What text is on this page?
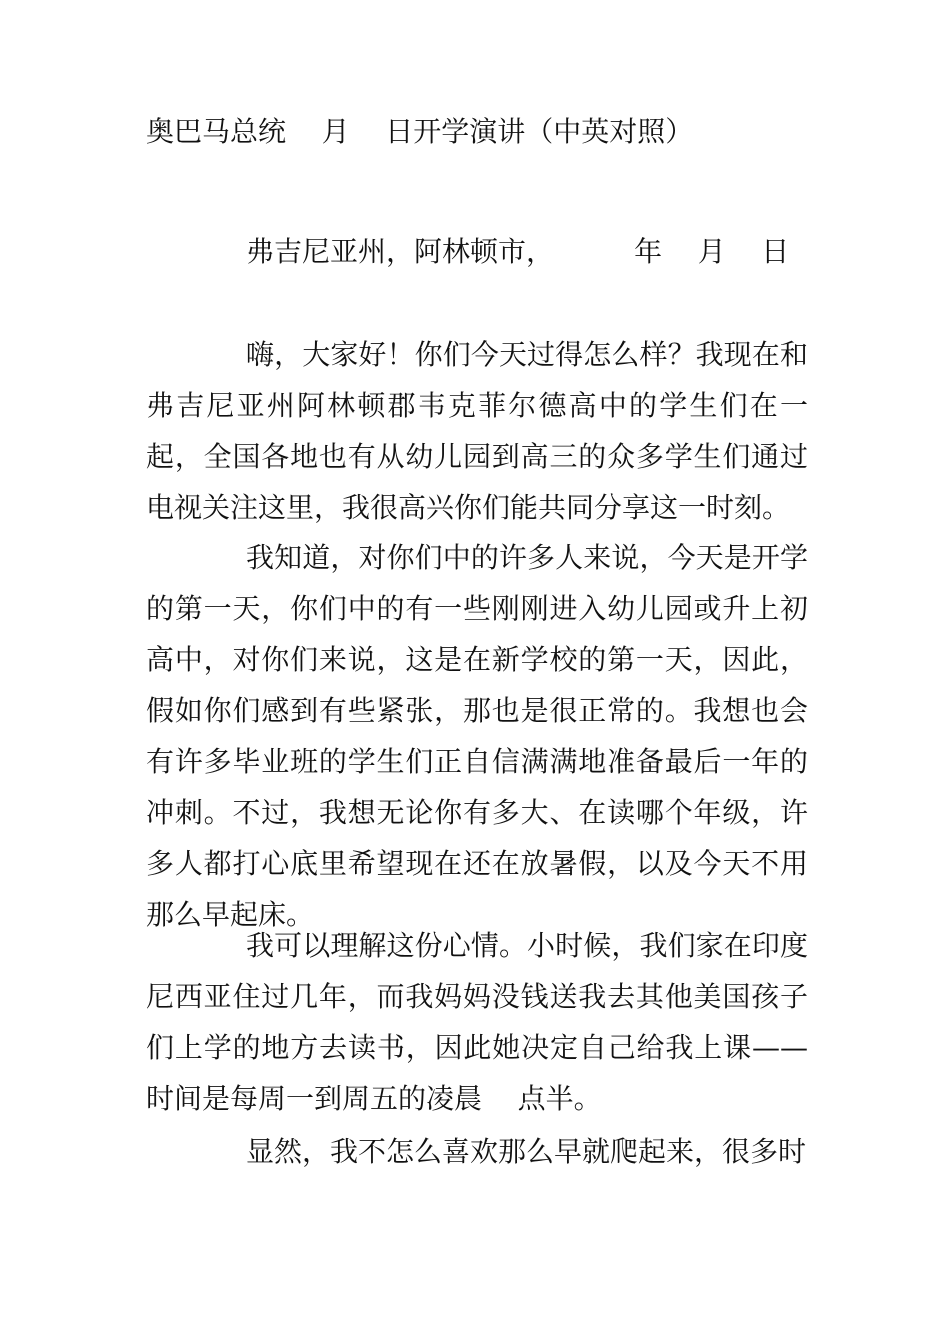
奥巴马总统    月    日开学演讲（中英对照）
弗吉尼亚州，阿林顿市，         年    月    日
嗨，大家好！你们今天过得怎么样？我现在和弗吉尼亚州阿林顿郡韦克菲尔德高中的学生们在一起，全国各地也有从幼儿园到高三的众多学生们通过电视关注这里，我很高兴你们能共同分享这一时刻。
我知道，对你们中的许多人来说，今天是开学的第一天，你们中的有一些刚刚进入幼儿园或升上初高中，对你们来说，这是在新学校的第一天，因此，假如你们感到有些紧张，那也是很正常的。我想也会有许多毕业班的学生们正自信满满地准备最后一年的冲刺。不过，我想无论你有多大、在读哪个年级，许多人都打心底里希望现在还在放暑假，以及今天不用那么早起床。
我可以理解这份心情。小时候，我们家在印度尼西亚住过几年，而我妈妈没钱送我去其他美国孩子们上学的地方去读书，因此她决定自己给我上课——时间是每周一到周五的凌晨    点半。
显然，我不怎么喜欢那么早就爬起来，很多时
